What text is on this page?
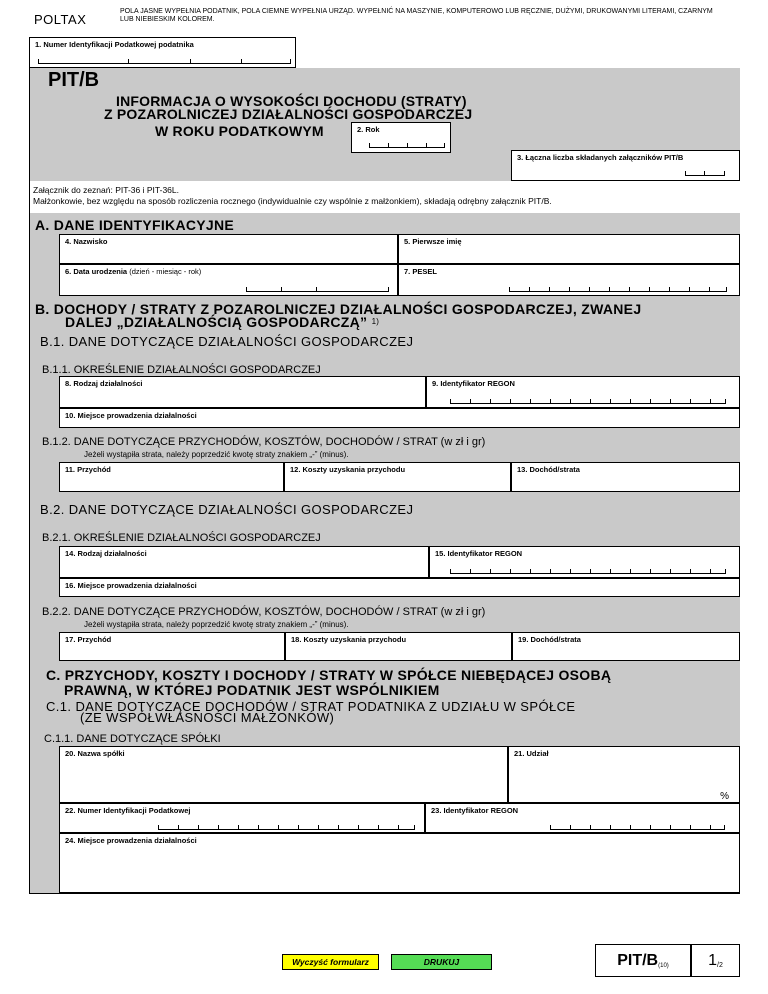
POLTAX
POLA JASNE WYPEŁNIA PODATNIK, POLA CIEMNE WYPEŁNIA URZĄD. WYPEŁNIĆ NA MASZYNIE, KOMPUTEROWO LUB RĘCZNIE, DUŻYMI, DRUKOWANYMI LITERAMI, CZARNYM LUB NIEBIESKIM KOLOREM.
1. Numer Identyfikacji Podatkowej podatnika
PIT/B
INFORMACJA O WYSOKOŚCI DOCHODU (STRATY)
Z POZAROLNICZEJ DZIAŁALNOŚCI GOSPODARCZEJ
W ROKU PODATKOWYM	2. Rok
3. Łączna liczba składanych załączników PIT/B
Załącznik do zeznań: PIT-36 i PIT-36L.
Małżonkowie, bez względu na sposób rozliczenia rocznego (indywidualnie czy wspólnie z małżonkiem), składają odrębny załącznik PIT/B.
A. DANE IDENTYFIKACYJNE
4. Nazwisko	5. Pierwsze imię
6. Data urodzenia (dzień - miesiąc - rok)	7. PESEL
B. DOCHODY / STRATY Z POZAROLNICZEJ DZIAŁALNOŚCI GOSPODARCZEJ, ZWANEJ
DALEJ „DZIAŁALNOŚCIĄ GOSPODARCZĄ” $^{1)}$
B.1. DANE DOTYCZĄCE DZIAŁALNOŚCI GOSPODARCZEJ
B.1.1. OKREŚLENIE DZIAŁALNOŚCI GOSPODARCZEJ
8. Rodzaj działalności	9. Identyfikator REGON
10. Miejsce prowadzenia działalności
B.1.2. DANE DOTYCZĄCE PRZYCHODÓW, KOSZTÓW, DOCHODÓW / STRAT (w zł i gr)
Jeżeli wystąpiła strata, należy poprzedzić kwotę straty znakiem „-” (minus).
11. Przychód	12. Koszty uzyskania przychodu	13. Dochód/strata
B.2. DANE DOTYCZĄCE DZIAŁALNOŚCI GOSPODARCZEJ
B.2.1. OKREŚLENIE DZIAŁALNOŚCI GOSPODARCZEJ
14. Rodzaj działalności	15. Identyfikator REGON
16. Miejsce prowadzenia działalności
B.2.2. DANE DOTYCZĄCE PRZYCHODÓW, KOSZTÓW, DOCHODÓW / STRAT (w zł i gr)
Jeżeli wystąpiła strata, należy poprzedzić kwotę straty znakiem „-” (minus).
17. Przychód	18. Koszty uzyskania przychodu	19. Dochód/strata
C. PRZYCHODY, KOSZTY I DOCHODY / STRATY W SPÓŁCE NIEBĘDĄCEJ OSOBĄ
PRAWNĄ, W KTÓREJ PODATNIK JEST WSPÓLNIKIEM
C.1. DANE DOTYCZĄCE DOCHODÓW / STRAT PODATNIKA Z UDZIAŁU W SPÓŁCE
(ZE WSPÓŁWŁASNOŚCI MAŁŻONKÓW)
C.1.1. DANE DOTYCZĄCE SPÓŁKI
20. Nazwa spółki	21. Udział
%
22. Numer Identyfikacji Podatkowej	23. Identyfikator REGON
24. Miejsce prowadzenia działalności
Wyczyść formularz	DRUKUJ	PIT/B (10) 1 /2
